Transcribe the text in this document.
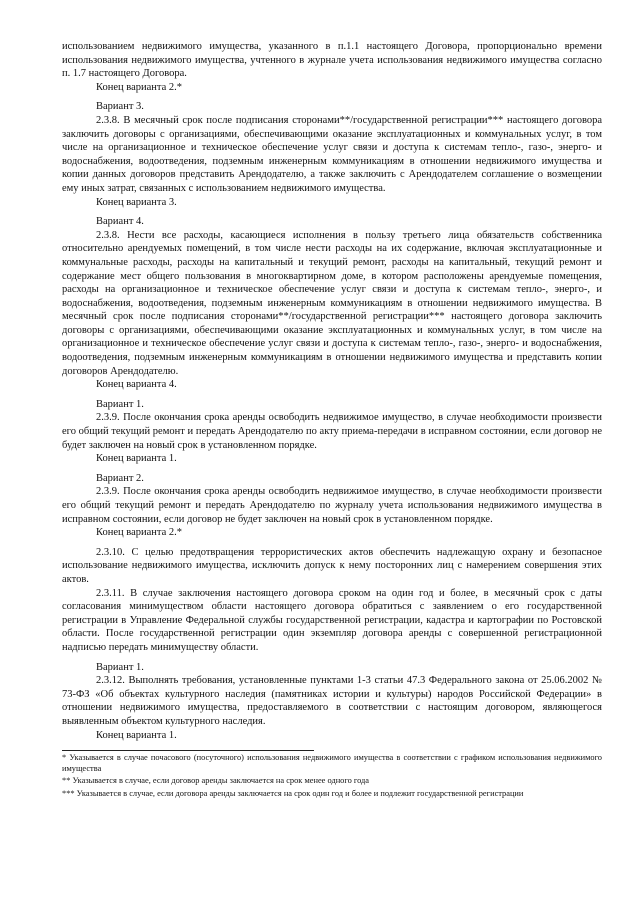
использованием недвижимого имущества, указанного в п.1.1 настоящего Договора, пропорционально времени использования недвижимого имущества, учтенного в журнале учета использования недвижимого имущества согласно п. 1.7 настоящего Договора.

Конец варианта 2.*

Вариант 3.

2.3.8. В месячный срок после подписания сторонами**/государственной регистрации*** настоящего договора заключить договоры с организациями, обеспечивающими оказание эксплуатационных и коммунальных услуг, в том числе на организационное и техническое обеспечение услуг связи и доступа к системам тепло-, газо-, энерго- и водоснабжения, водоотведения, подземным инженерным коммуникациям в отношении недвижимого имущества и копии данных договоров представить Арендодателю, а также заключить с Арендодателем соглашение о возмещении ему иных затрат, связанных с использованием недвижимого имущества.

Конец варианта 3.

Вариант 4.

2.3.8. Нести все расходы, касающиеся исполнения в пользу третьего лица обязательств собственника относительно арендуемых помещений, в том числе нести расходы на их содержание, включая эксплуатационные и коммунальные расходы, расходы на капитальный и текущий ремонт, расходы на капитальный, текущий ремонт и содержание мест общего пользования в многоквартирном доме, в котором расположены арендуемые помещения, расходы на организационное и техническое обеспечение услуг связи и доступа к системам тепло-, энерго-, и водоснабжения, водоотведения, подземным инженерным коммуникациям в отношении недвижимого имущества. В месячный срок после подписания сторонами**/государственной регистрации*** настоящего договора заключить договоры с организациями, обеспечивающими оказание эксплуатационных и коммунальных услуг, в том числе на организационное и техническое обеспечение услуг связи и доступа к системам тепло-, газо-, энерго- и водоснабжения, водоотведения, подземным инженерным коммуникациям в отношении недвижимого имущества и представить копии договоров Арендодателю.

Конец варианта 4.

Вариант 1.

2.3.9. После окончания срока аренды освободить недвижимое имущество, в случае необходимости произвести его общий текущий ремонт и передать Арендодателю по акту приема-передачи в исправном состоянии, если договор не будет заключен на новый срок в установленном порядке.

Конец варианта 1.

Вариант 2.

2.3.9. После окончания срока аренды освободить недвижимое имущество, в случае необходимости произвести его общий текущий ремонт и передать Арендодателю по журналу учета использования недвижимого имущества в исправном состоянии, если договор не будет заключен на новый срок в установленном порядке.

Конец варианта 2.*

2.3.10. С целью предотвращения террористических актов обеспечить надлежащую охрану и безопасное использование недвижимого имущества, исключить допуск к нему посторонних лиц с намерением совершения этих актов.

2.3.11. В случае заключения настоящего договора сроком на один год и более, в месячный срок с даты согласования минимуществом области настоящего договора обратиться с заявлением о его государственной регистрации в Управление Федеральной службы государственной регистрации, кадастра и картографии по Ростовской области. После государственной регистрации один экземпляр договора аренды с совершенной регистрационной надписью передать минимуществу области.

Вариант 1.

2.3.12. Выполнять требования, установленные пунктами 1-3 статьи 47.3 Федерального закона от 25.06.2002 № 73-ФЗ «Об объектах культурного наследия (памятниках истории и культуры) народов Российской Федерации» в отношении недвижимого имущества, предоставляемого в соответствии с настоящим договором, являющегося выявленным объектом культурного наследия.

Конец варианта 1.

* Указывается в случае почасового (посуточного) использования недвижимого имущества в соответствии с графиком использования недвижимого имущества

** Указывается в случае, если договор аренды заключается на срок менее одного года

*** Указывается в случае, если договора аренды заключается на срок один год и более и подлежит государственной регистрации
